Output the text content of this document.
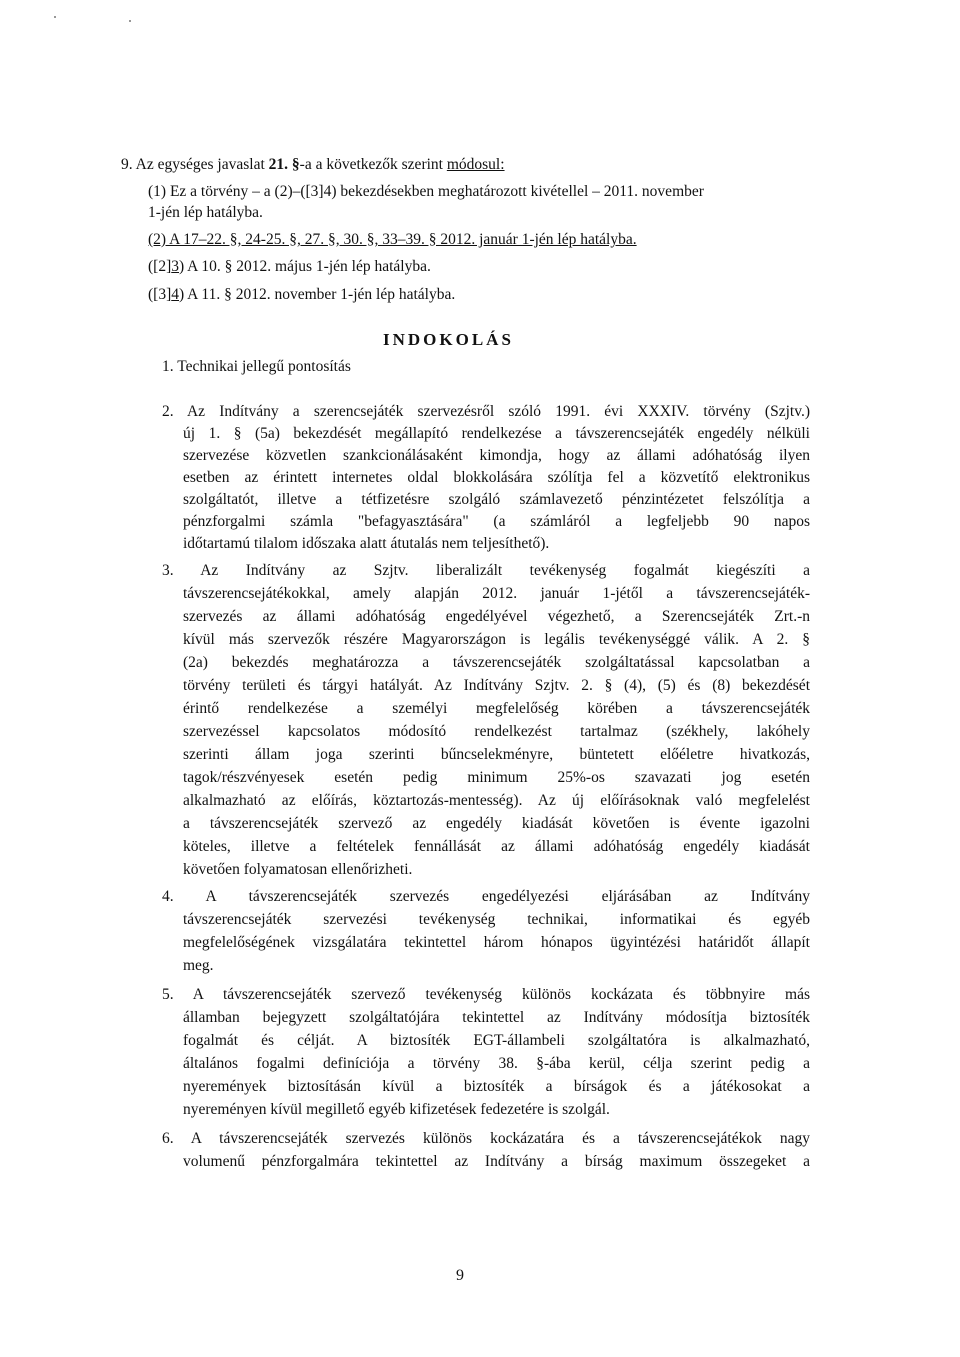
9. Az egységes javaslat 21. §-a a következők szerint módosul:
(1) Ez a törvény – a (2)–([3]4) bekezdésekben meghatározott kivétellel – 2011. november
1-jén lép hatályba.
(2) A 17–22. §, 24-25. §, 27. §, 30. §, 33–39. § 2012. január 1-jén lép hatályba.
([2]3) A 10. § 2012. május 1-jén lép hatályba.
([3]4) A 11. § 2012. november 1-jén lép hatályba.
INDOKOLÁS
1. Technikai jellegű pontosítás
2. Az Indítvány a szerencsejáték szervezésről szóló 1991. évi XXXIV. törvény (Szjtv.)
új 1. § (5a) bekezdését megállapító rendelkezése a távszerencsejáték engedély nélküli
szervezése közvetlen szankcionálásaként kimondja, hogy az állami adóhatóság ilyen
esetben az érintett internetes oldal blokkolására szólítja fel a közvetítő elektronikus
szolgáltatót, illetve a tétfizetésre szolgáló számlavezető pénzintézetet felszólítja a
pénzforgalmi számla "befagyasztására" (a számláról a legfeljebb 90 napos
időtartamú tilalom időszaka alatt átutalás nem teljesíthető).
3. Az Indítvány az Szjtv. liberalizált tevékenység fogalmát kiegészíti a
távszerencsejátékokkal, amely alapján 2012. január 1-jétől a távszerencsejáték-
szervezés az állami adóhatóság engedélyével végezhető, a Szerencsejáték Zrt.-n
kívül más szervezők részére Magyarországon is legális tevékenységgé válik. A 2. §
(2a) bekezdés meghatározza a távszerencsejáték szolgáltatással kapcsolatban a
törvény területi és tárgyi hatályát. Az Indítvány Szjtv. 2. § (4), (5) és (8) bekezdését
érintő rendelkezése a személyi megfelelőség körében a távszerencsejáték
szervezéssel kapcsolatos módosító rendelkezést tartalmaz (székhely, lakóhely
szerinti állam joga szerinti bűncselekményre, büntetett előéletre hivatkozás,
tagok/részvényesek esetén pedig minimum 25%-os szavazati jog esetén
alkalmazható az előírás, köztartozás-mentesség). Az új előírásoknak való megfelelést
a távszerencsejáték szervező az engedély kiadását követően is évente igazolni
köteles, illetve a feltételek fennállását az állami adóhatóság engedély kiadását
követően folyamatosan ellenőrizheti.
4. A távszerencsejáték szervezés engedélyezési eljárásában az Indítvány
távszerencsejáték szervezési tevékenység technikai, informatikai és egyéb
megfelelőségének vizsgálatára tekintettel három hónapos ügyintézési határidőt állapít
meg.
5. A távszerencsejáték szervező tevékenység különös kockázata és többnyire más
államban bejegyzett szolgáltatójára tekintettel az Indítvány módosítja biztosíték
fogalmát és célját. A biztosíték EGT-állambeli szolgáltatóra is alkalmazható,
általános fogalmi definíciója a törvény 38. §-ába kerül, célja szerint pedig a
nyeremények biztosításán kívül a biztosíték a bírságok és a játékosokat a
nyereményen kívül megillető egyéb kifizetések fedezetére is szolgál.
6. A távszerencsejáték szervezés különös kockázatára és a távszerencsejátékok nagy
volumenű pénzforgalmára tekintettel az Indítvány a bírság maximum összegeket a
9
